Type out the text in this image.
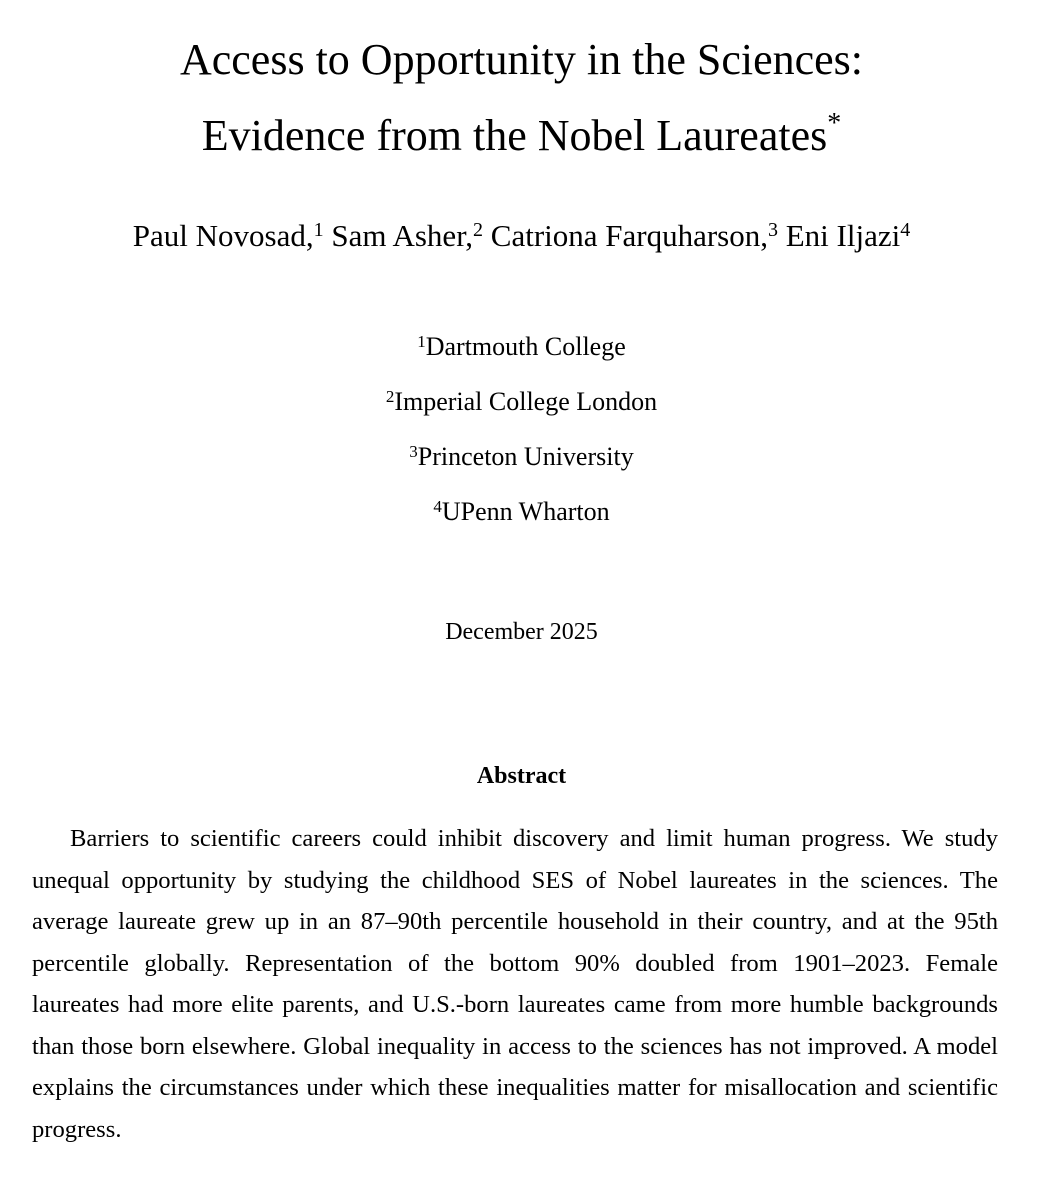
Access to Opportunity in the Sciences:
Evidence from the Nobel Laureates*
Paul Novosad,$^1$ Sam Asher,$^2$ Catriona Farquharson,$^3$ Eni Iljazi$^4$
$^1$Dartmouth College
$^2$Imperial College London
$^3$Princeton University
$^4$UPenn Wharton
December 2025
Abstract

Barriers to scientific careers could inhibit discovery and limit human progress. We study unequal opportunity by studying the childhood SES of Nobel laureates in the sciences. The average laureate grew up in an 87–90th percentile household in their country, and at the 95th percentile globally. Representation of the bottom 90% doubled from 1901–2023. Female laureates had more elite parents, and U.S.-born laureates came from more humble backgrounds than those born elsewhere. Global inequality in access to the sciences has not improved. A model explains the circumstances under which these inequalities matter for misallocation and scientific progress.
